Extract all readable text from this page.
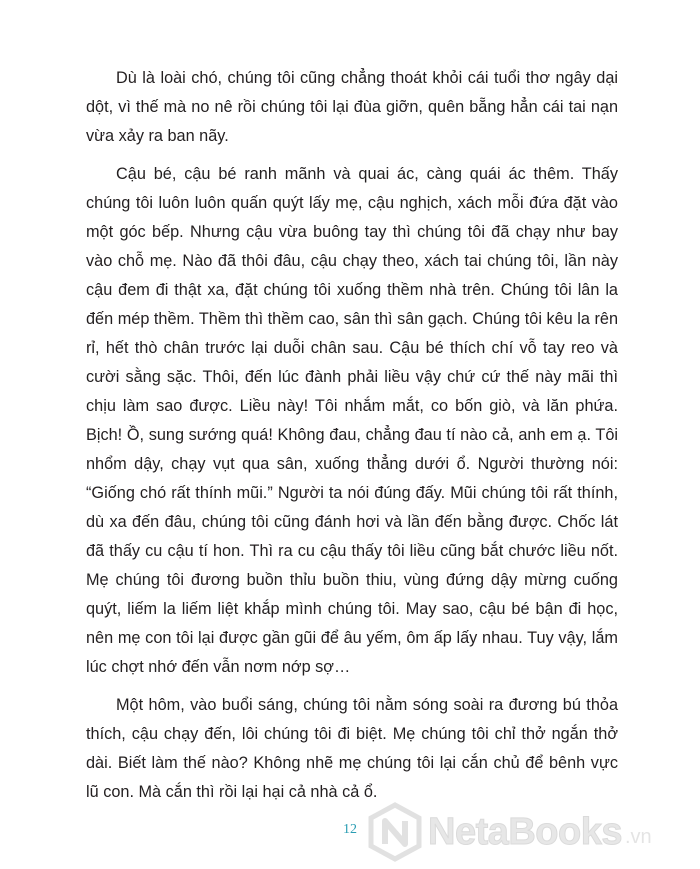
Dù là loài chó, chúng tôi cũng chẳng thoát khỏi cái tuổi thơ ngây dại dột, vì thế mà no nê rồi chúng tôi lại đùa giỡn, quên bẵng hẳn cái tai nạn vừa xảy ra ban nãy.

Cậu bé, cậu bé ranh mãnh và quai ác, càng quái ác thêm. Thấy chúng tôi luôn luôn quấn quýt lấy mẹ, cậu nghịch, xách mỗi đứa đặt vào một góc bếp. Nhưng cậu vừa buông tay thì chúng tôi đã chạy như bay vào chỗ mẹ. Nào đã thôi đâu, cậu chạy theo, xách tai chúng tôi, lần này cậu đem đi thật xa, đặt chúng tôi xuống thềm nhà trên. Chúng tôi lân la đến mép thềm. Thềm thì thềm cao, sân thì sân gạch. Chúng tôi kêu la rên rỉ, hết thò chân trước lại duỗi chân sau. Cậu bé thích chí vỗ tay reo và cười sằng sặc. Thôi, đến lúc đành phải liều vậy chứ cứ thế này mãi thì chịu làm sao được. Liều này! Tôi nhắm mắt, co bốn giò, và lăn phứa. Bịch! Ồ, sung sướng quá! Không đau, chẳng đau tí nào cả, anh em ạ. Tôi nhổm dậy, chạy vụt qua sân, xuống thẳng dưới ổ. Người thường nói: “Giống chó rất thính mũi.” Người ta nói đúng đấy. Mũi chúng tôi rất thính, dù xa đến đâu, chúng tôi cũng đánh hơi và lần đến bằng được. Chốc lát đã thấy cu cậu tí hon. Thì ra cu cậu thấy tôi liều cũng bắt chước liều nốt. Mẹ chúng tôi đương buồn thỉu buồn thiu, vùng đứng dậy mừng cuống quýt, liếm la liếm liệt khắp mình chúng tôi. May sao, cậu bé bận đi học, nên mẹ con tôi lại được gần gũi để âu yếm, ôm ấp lấy nhau. Tuy vậy, lắm lúc chợt nhớ đến vẫn nơm nớp sợ…

Một hôm, vào buổi sáng, chúng tôi nằm sóng soài ra đương bú thỏa thích, cậu chạy đến, lôi chúng tôi đi biệt. Mẹ chúng tôi chỉ thở ngắn thở dài. Biết làm thế nào? Không nhẽ mẹ chúng tôi lại cắn chủ để bênh vực lũ con. Mà cắn thì rồi lại hại cả nhà cả ổ.

12 NetaBooks .vn
